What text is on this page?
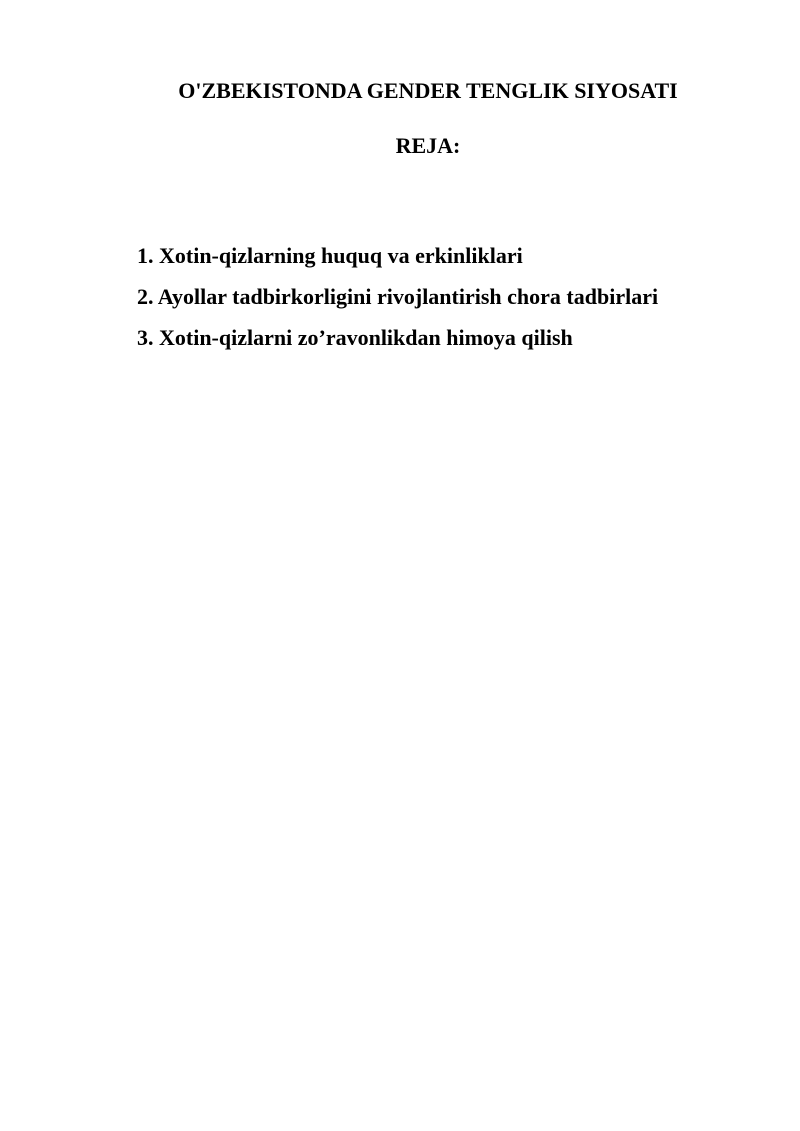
O'ZBEKISTONDA GENDER TENGLIK SIYOSATI
REJA:
1. Xotin-qizlarning huquq va erkinliklari
2. Ayollar tadbirkorligini rivojlantirish chora tadbirlari
3. Xotin-qizlarni zo’ravonlikdan himoya qilish
